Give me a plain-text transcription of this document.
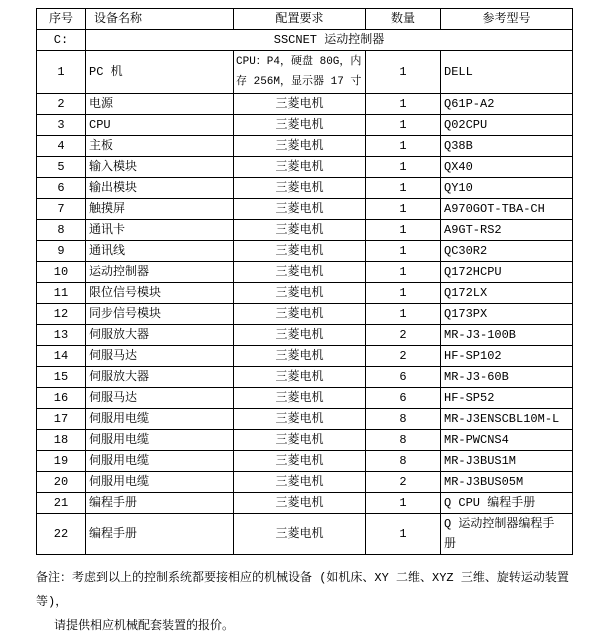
序号	设备名称	配置要求	数量	参考型号
C:	SSCNET 运动控制器			
1	PC 机	CPU：P4，硬盘 80G，内存 256M，显示器 17 寸	1	DELL
2	电源	三菱电机	1	Q61P-A2
3	CPU	三菱电机	1	Q02CPU
4	主板	三菱电机	1	Q38B
5	输入模块	三菱电机	1	QX40
6	输出模块	三菱电机	1	QY10
7	触摸屏	三菱电机	1	A970GOT-TBA-CH
8	通讯卡	三菱电机	1	A9GT-RS2
9	通讯线	三菱电机	1	QC30R2
10	运动控制器	三菱电机	1	Q172HCPU
11	限位信号模块	三菱电机	1	Q172LX
12	同步信号模块	三菱电机	1	Q173PX
13	伺服放大器	三菱电机	2	MR-J3-100B
14	伺服马达	三菱电机	2	HF-SP102
15	伺服放大器	三菱电机	6	MR-J3-60B
16	伺服马达	三菱电机	6	HF-SP52
17	伺服用电缆	三菱电机	8	MR-J3ENSCBL10M-L
18	伺服用电缆	三菱电机	8	MR-PWCNS4
19	伺服用电缆	三菱电机	8	MR-J3BUS1M
20	伺服用电缆	三菱电机	2	MR-J3BUS05M
21	编程手册	三菱电机	1	Q CPU 编程手册
22	编程手册	三菱电机	1	Q 运动控制器编程手册
备注：考虑到以上的控制系统都要接相应的机械设备 (如机床、XY 二维、XYZ 三维、旋转运动装置等)，
请提供相应机械配套装置的报价。
